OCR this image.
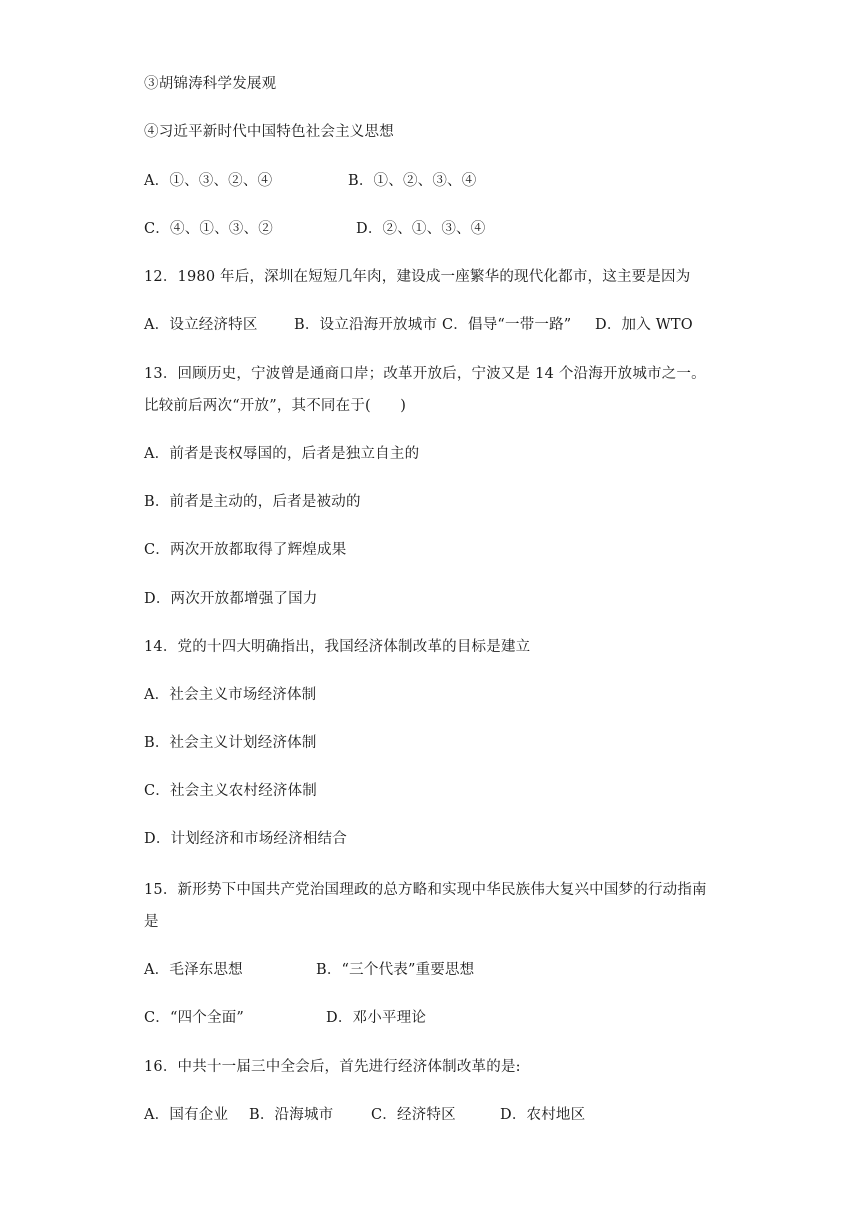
③胡锦涛科学发展观
④习近平新时代中国特色社会主义思想
A．①、③、②、④	B．①、②、③、④
C．④、①、③、②	D．②、①、③、④
12．1980 年后，深圳在短短几年肉，建设成一座繁华的现代化都市，这主要是因为
A．设立经济特区	B．设立沿海开放城市 C．倡导“一带一路” D．加入 WTO
13．回顾历史，宁波曾是通商口岸；改革开放后，宁波又是 14 个沿海开放城市之一。
比较前后两次“开放”，其不同在于(　　)
A．前者是丧权辱国的，后者是独立自主的
B．前者是主动的，后者是被动的
C．两次开放都取得了辉煌成果
D．两次开放都增强了国力
14．党的十四大明确指出，我国经济体制改革的目标是建立
A．社会主义市场经济体制
B．社会主义计划经济体制
C．社会主义农村经济体制
D．计划经济和市场经济相结合
15．新形势下中国共产党治国理政的总方略和实现中华民族伟大复兴中国梦的行动指南
是
A．毛泽东思想	B．“三个代表”重要思想
C．“四个全面”	D．邓小平理论
16．中共十一届三中全会后，首先进行经济体制改革的是:
A．国有企业 B．沿海城市	C．经济特区	D．农村地区
